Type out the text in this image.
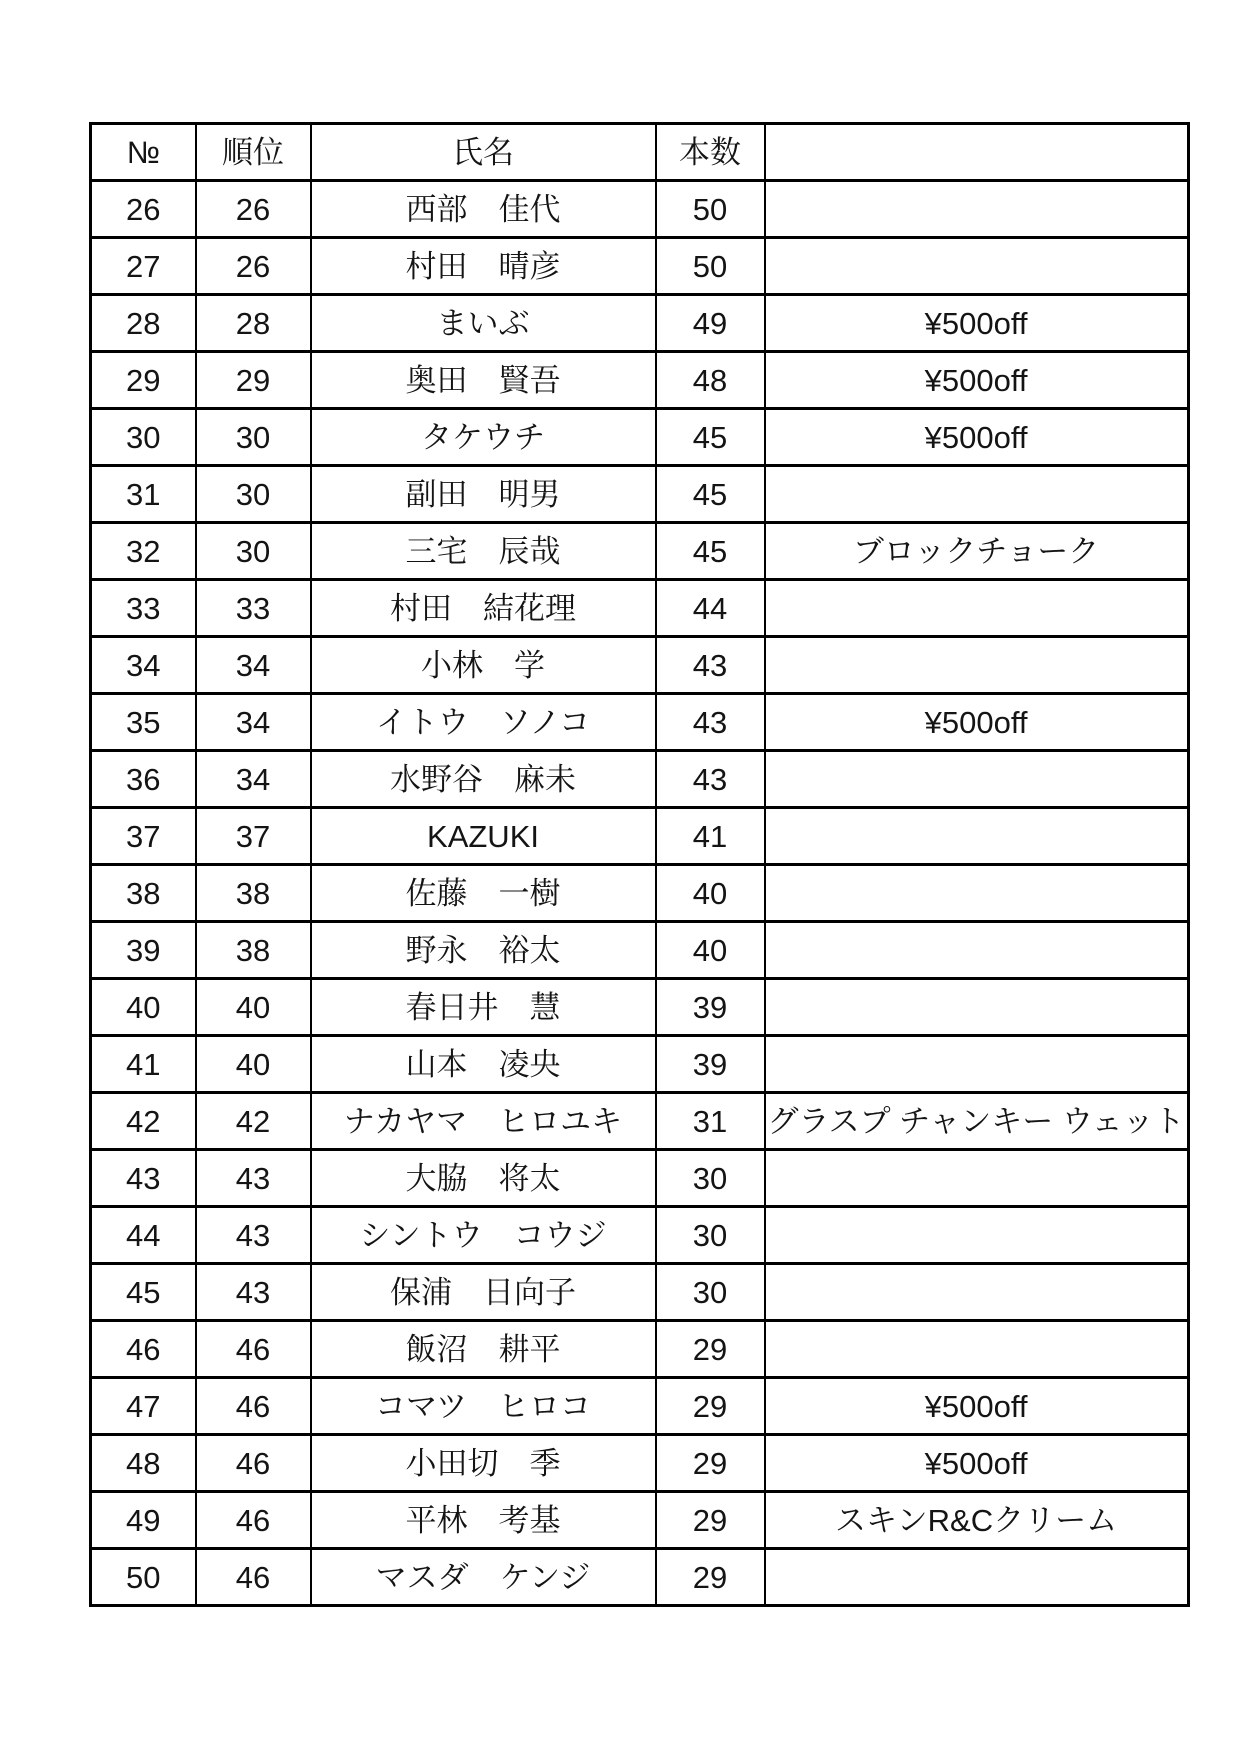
№	順位	氏名	本数	
26	26	西部　佳代	50	
27	26	村田　晴彦	50	
28	28	まいぶ	49	¥500off
29	29	奥田　賢吾	48	¥500off
30	30	タケウチ	45	¥500off
31	30	副田　明男	45	
32	30	三宅　辰哉	45	ブロックチョーク
33	33	村田　結花理	44	
34	34	小林　学	43	
35	34	イトウ　ソノコ	43	¥500off
36	34	水野谷　麻未	43	
37	37	KAZUKI	41	
38	38	佐藤　一樹	40	
39	38	野永　裕太	40	
40	40	春日井　慧	39	
41	40	山本　凌央	39	
42	42	ナカヤマ　ヒロユキ	31	グラスプ チャンキー ウェット
43	43	大脇　将太	30	
44	43	シントウ　コウジ	30	
45	43	保浦　日向子	30	
46	46	飯沼　耕平	29	
47	46	コマツ　ヒロコ	29	¥500off
48	46	小田切　季	29	¥500off
49	46	平林　考基	29	スキンR&Cクリーム
50	46	マスダ　ケンジ	29	
